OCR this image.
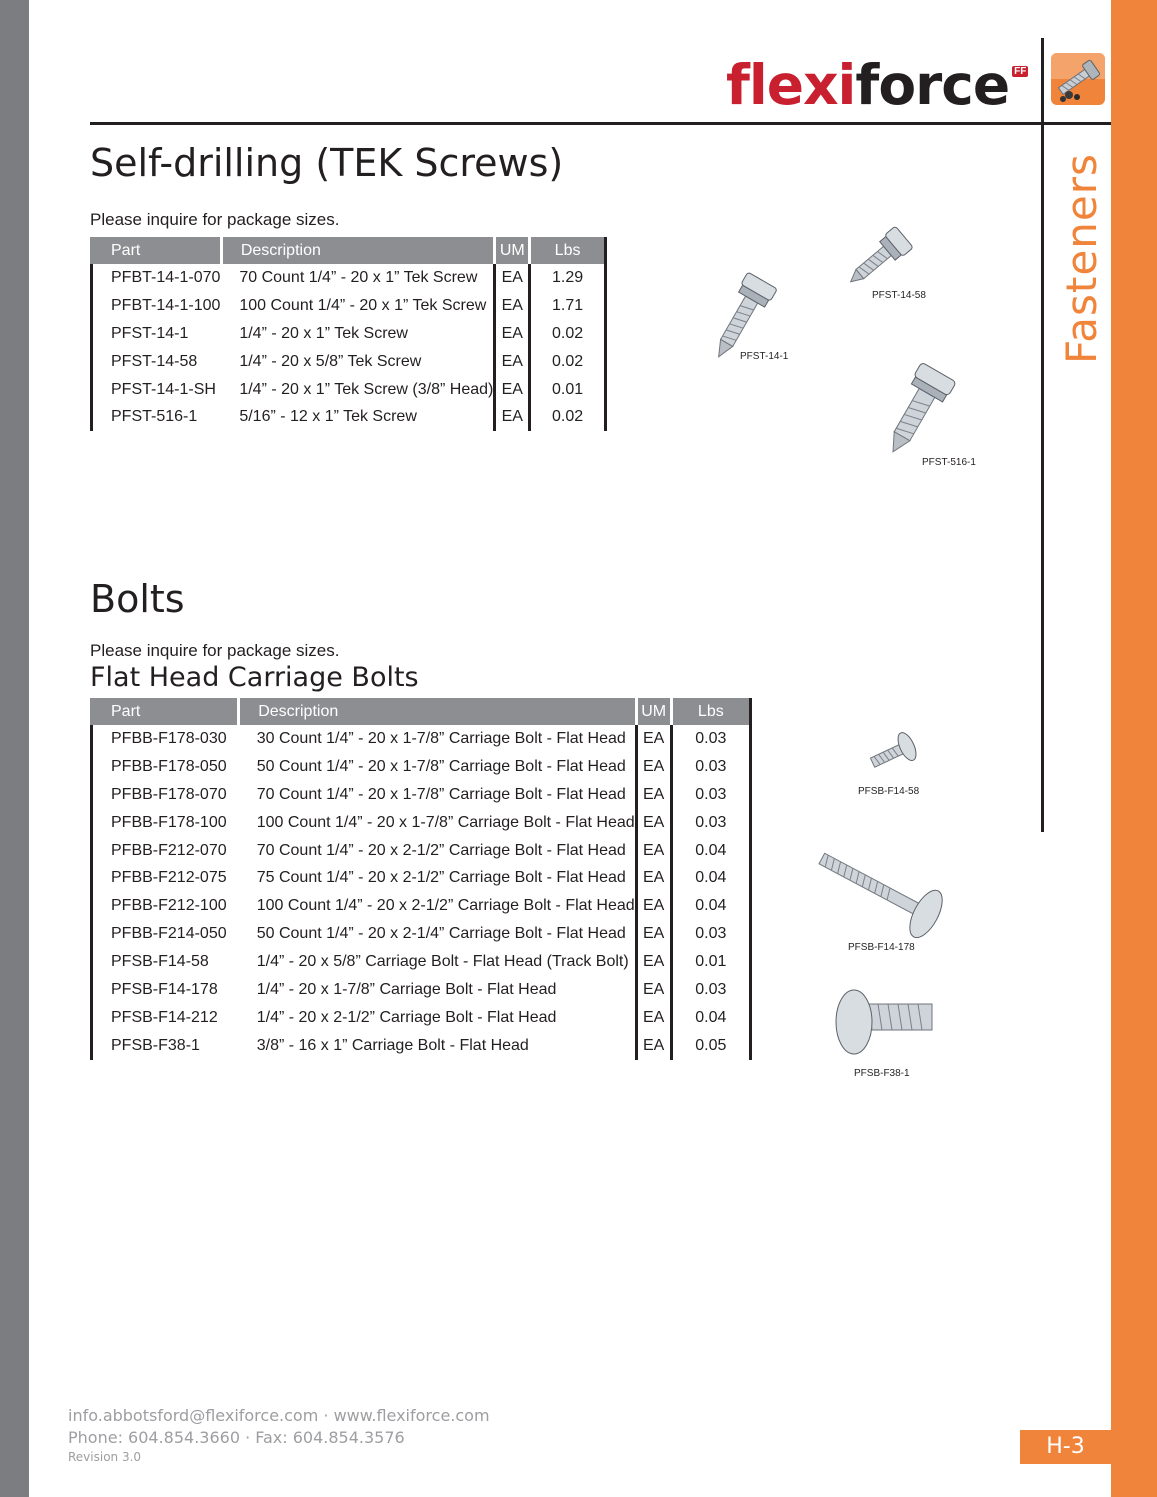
flexi force FF
Fasteners
Self-drilling (TEK Screws)
Please inquire for package sizes.
Part	Description	UM	Lbs
PFBT-14-1-070	70 Count 1/4” - 20 x 1” Tek Screw	EA	1.29
PFBT-14-1-100	100 Count 1/4” - 20 x 1” Tek Screw	EA	1.71
PFST-14-1	1/4” - 20 x 1” Tek Screw	EA	0.02
PFST-14-58	1/4” - 20 x 5/8” Tek Screw	EA	0.02
PFST-14-1-SH	1/4” - 20 x 1” Tek Screw (3/8” Head)	EA	0.01
PFST-516-1	5/16” - 12 x 1” Tek Screw	EA	0.02
PFST-14-58
PFST-14-1
PFST-516-1
Bolts
Please inquire for package sizes.
Flat Head Carriage Bolts
Part	Description	UM	Lbs
PFBB-F178-030	30 Count 1/4” - 20 x 1-7/8” Carriage Bolt - Flat Head	EA	0.03
PFBB-F178-050	50 Count 1/4” - 20 x 1-7/8” Carriage Bolt - Flat Head	EA	0.03
PFBB-F178-070	70 Count 1/4” - 20 x 1-7/8” Carriage Bolt - Flat Head	EA	0.03
PFBB-F178-100	100 Count 1/4” - 20 x 1-7/8” Carriage Bolt - Flat Head	EA	0.03
PFBB-F212-070	70 Count 1/4” - 20 x 2-1/2” Carriage Bolt - Flat Head	EA	0.04
PFBB-F212-075	75 Count 1/4” - 20 x 2-1/2” Carriage Bolt - Flat Head	EA	0.04
PFBB-F212-100	100 Count 1/4” - 20 x 2-1/2” Carriage Bolt - Flat Head	EA	0.04
PFBB-F214-050	50 Count 1/4” - 20 x 2-1/4” Carriage Bolt - Flat Head	EA	0.03
PFSB-F14-58	1/4” - 20 x 5/8” Carriage Bolt - Flat Head (Track Bolt)	EA	0.01
PFSB-F14-178	1/4” - 20 x 1-7/8” Carriage Bolt - Flat Head	EA	0.03
PFSB-F14-212	1/4” - 20 x 2-1/2” Carriage Bolt - Flat Head	EA	0.04
PFSB-F38-1	3/8” - 16 x 1” Carriage Bolt - Flat Head	EA	0.05
PFSB-F14-58
PFSB-F14-178
PFSB-F38-1
info.abbotsford@flexiforce.com · www.flexiforce.com
Phone: 604.854.3660 · Fax: 604.854.3576
Revision 3.0	H-3
